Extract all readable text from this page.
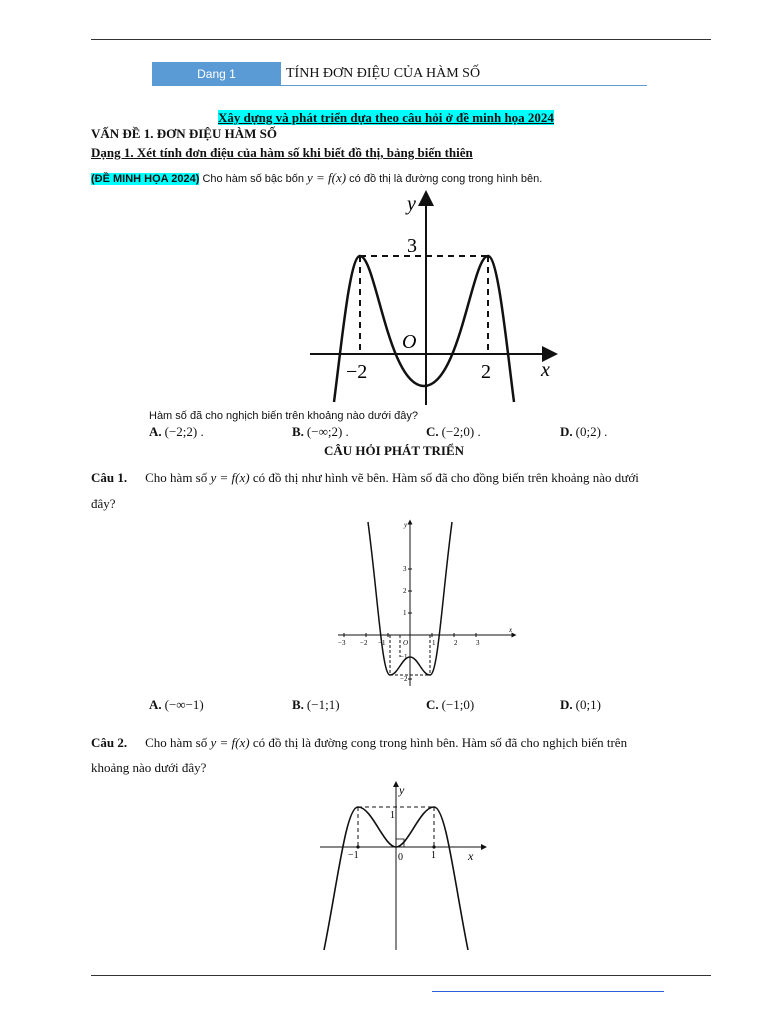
Dang 1	TÍNH ĐƠN ĐIỆU CỦA HÀM SỐ
Xây dựng và phát triển dựa theo câu hỏi ở đề minh họa 2024
VẤN ĐỀ 1. ĐƠN ĐIỆU HÀM SỐ
Dạng 1. Xét tính đơn điệu của hàm số khi biết đồ thị, bảng biến thiên
(ĐỀ MINH HỌA 2024) Cho hàm số bậc bốn y = f(x) có đồ thị là đường cong trong hình bên.
y
x
O
3
−2	2
Hàm số đã cho nghịch biến trên khoảng nào dưới đây?
A. (−2;2) .	B. (−∞;2) .	C. (−2;0) .	D. (0;2) .
CÂU HỎI PHÁT TRIỂN
Câu 1. Cho hàm số y = f(x) có đồ thị như hình vẽ bên. Hàm số đã cho đồng biến trên khoảng nào dưới
đây?
y
x
O
−3 −2 −1	1	2	3
3
2
1
−1
−2
A. (−∞−1)	B. (−1;1)	C. (−1;0)	D. (0;1)
Câu 2. Cho hàm số y = f(x) có đồ thị là đường cong trong hình bên. Hàm số đã cho nghịch biến trên
khoảng nào dưới đây?
y
x
1
−1	0	1
